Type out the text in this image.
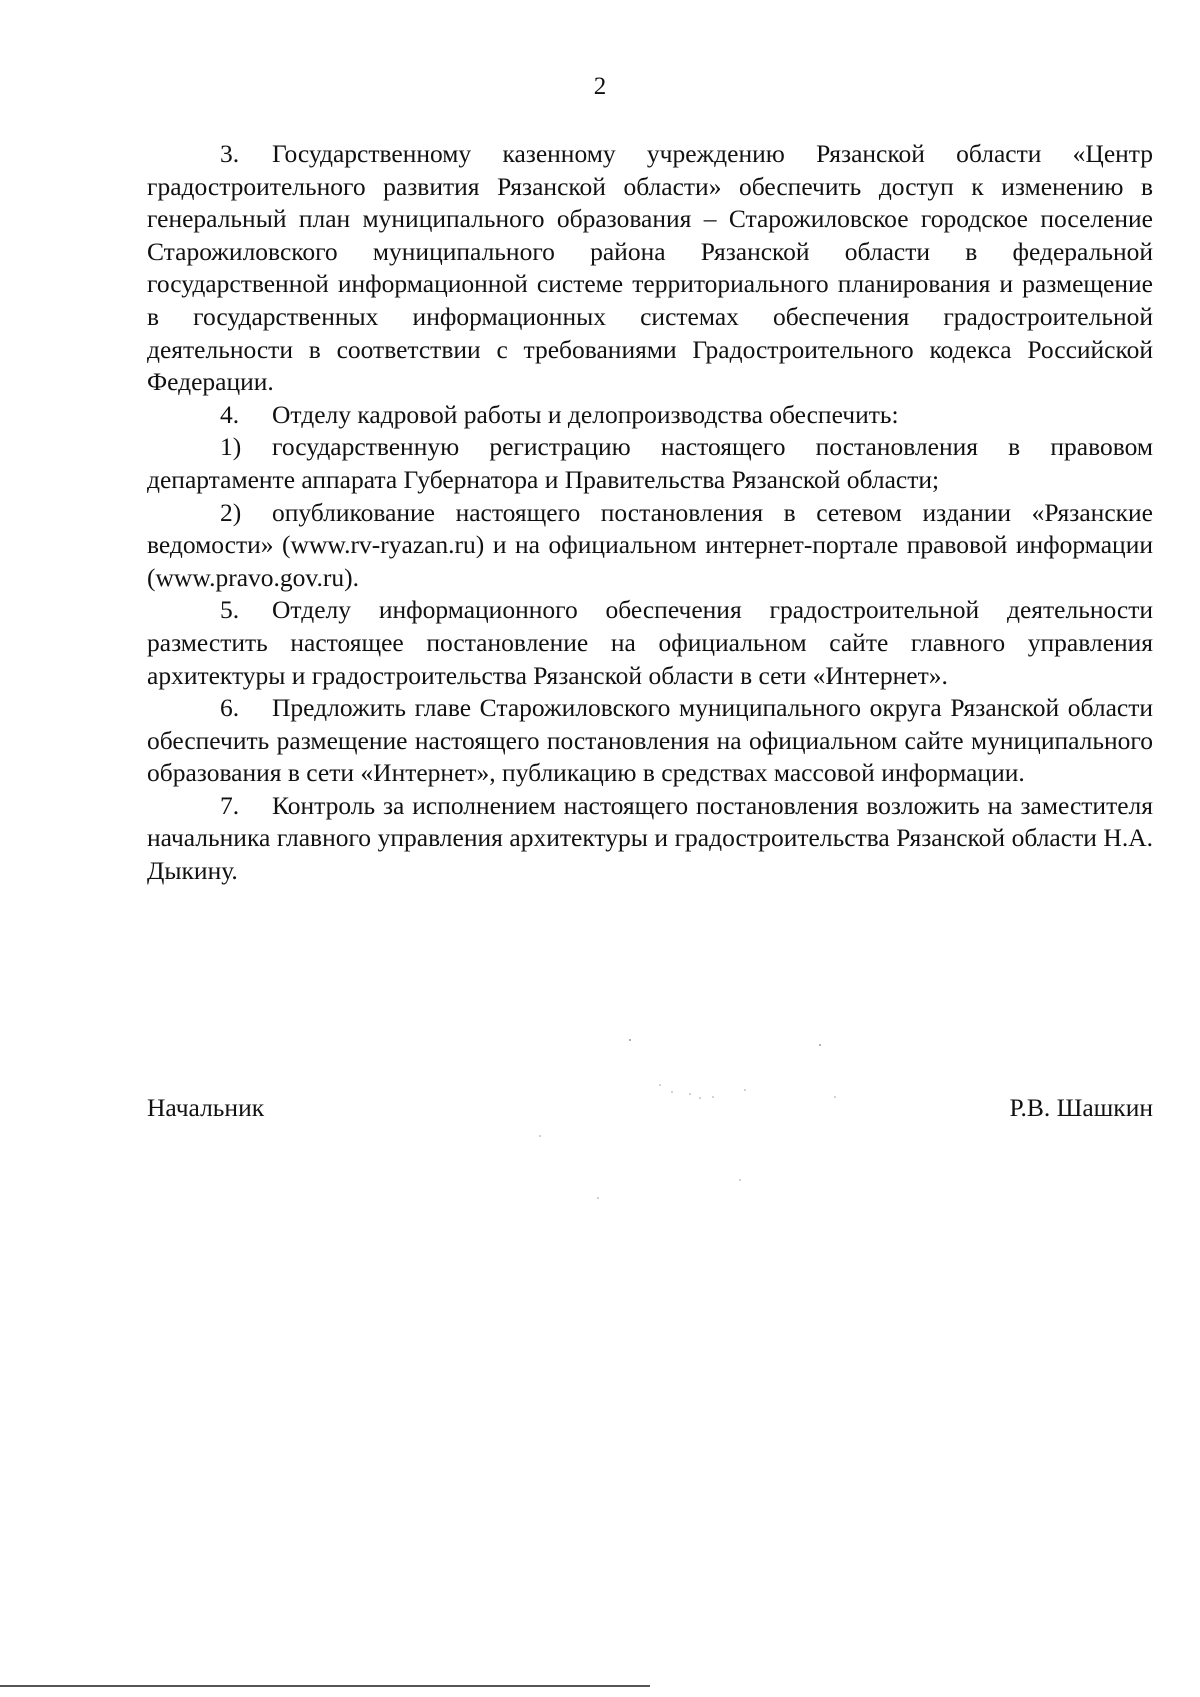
2

3. Государственному казенному учреждению Рязанской области «Центр градостроительного развития Рязанской области» обеспечить доступ к изменению в генеральный план муниципального образования – Старожиловское городское поселение Старожиловского муниципального района Рязанской области в федеральной государственной информационной системе территориального планирования и размещение в государственных информационных системах обеспечения градостроительной деятельности в соответствии с требованиями Градостроительного кодекса Российской Федерации.

4. Отделу кадровой работы и делопроизводства обеспечить:

1) государственную регистрацию настоящего постановления в правовом департаменте аппарата Губернатора и Правительства Рязанской области;

2) опубликование настоящего постановления в сетевом издании «Рязанские ведомости» (www.rv-ryazan.ru) и на официальном интернет-портале правовой информации (www.pravo.gov.ru).

5. Отделу информационного обеспечения градостроительной деятельности разместить настоящее постановление на официальном сайте главного управления архитектуры и градостроительства Рязанской области в сети «Интернет».

6. Предложить главе Старожиловского муниципального округа Рязанской области обеспечить размещение настоящего постановления на официальном сайте муниципального образования в сети «Интернет», публикацию в средствах массовой информации.

7. Контроль за исполнением настоящего постановления возложить на заместителя начальника главного управления архитектуры и градостроительства Рязанской области Н.А. Дыкину.

Начальник	Р.В. Шашкин
